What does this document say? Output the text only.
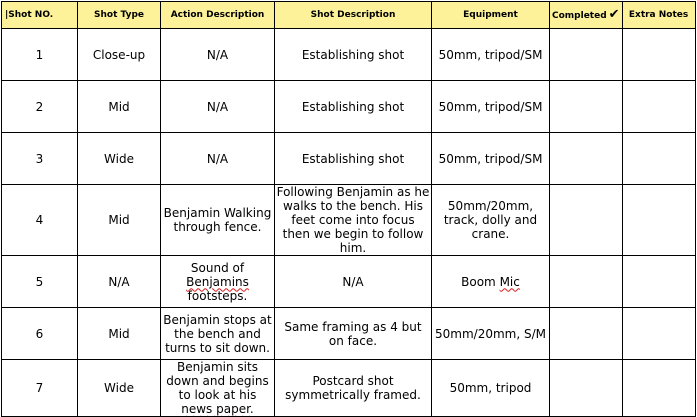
|Shot NO.	Shot Type	Action Description	Shot Description	Equipment	Completed ✔	Extra Notes
1	Close-up	N/A	Establishing shot	50mm, tripod/SM		
2	Mid	N/A	Establishing shot	50mm, tripod/SM		
3	Wide	N/A	Establishing shot	50mm, tripod/SM		
4	Mid	Benjamin Walking through fence.	Following Benjamin as he walks to the bench. His feet come into focus then we begin to follow him.	50mm/20mm, track, dolly and crane.		
5	N/A	Sound of Benjamins footsteps.	N/A	Boom Mic		
6	Mid	Benjamin stops at the bench and turns to sit down.	Same framing as 4 but on face.	50mm/20mm, S/M		
7	Wide	Benjamin sits down and begins to look at his news paper.	Postcard shot symmetrically framed.	50mm, tripod		
